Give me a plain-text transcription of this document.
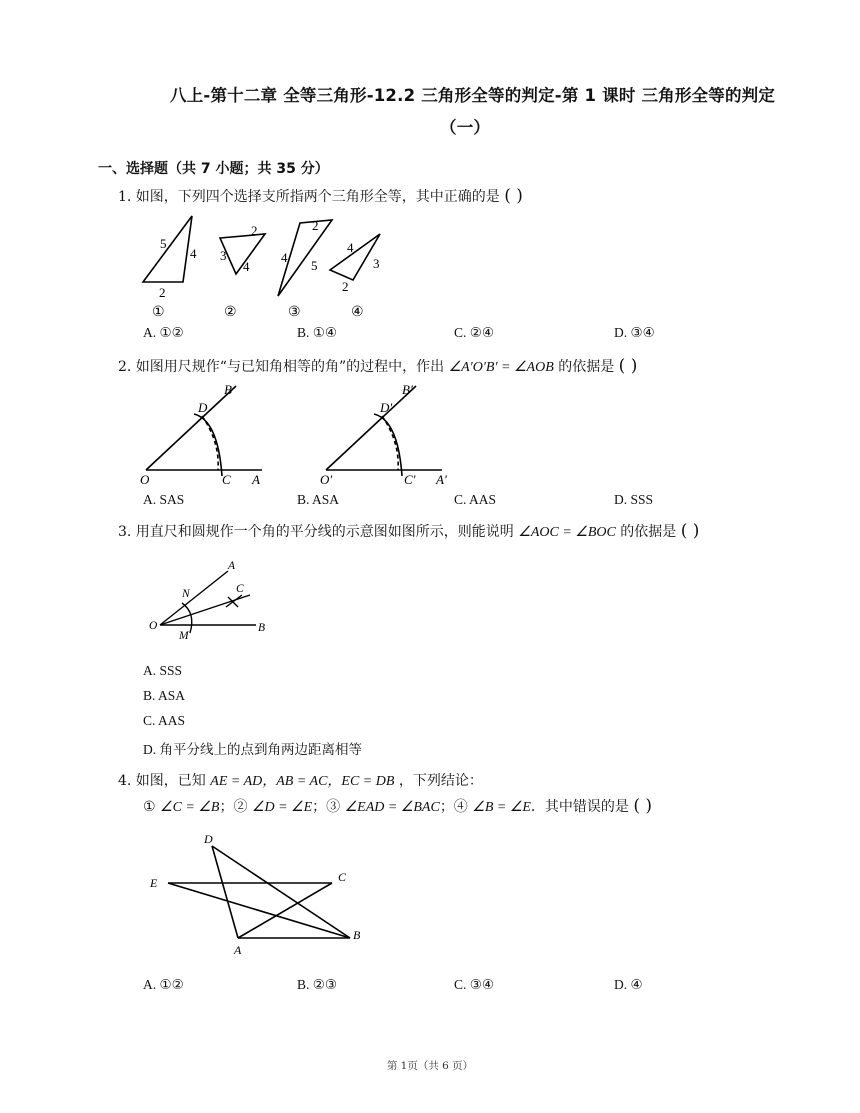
八上-第十二章 全等三角形-12.2 三角形全等的判定-第 1 课时 三角形全等的判定
（一）
一、选择题（共 7 小题；共 35 分）
1. 如图，下列四个选择支所指两个三角形全等，其中正确的是 ( )
5
4
2
2
3
4
2
4
5
4
3
2
①	②	③	④
A. ①②	B. ①④	C. ②④	D. ③④
2. 如图用尺规作“与已知角相等的角”的过程中，作出 ∠A′O′B′ = ∠AOB 的依据是 ( )
B
D
O	C A
B′
D′
O′	C′ A′
A. SAS	B. ASA	C. AAS	D. SSS
3. 用直尺和圆规作一个角的平分线的示意图如图所示，则能说明 ∠AOC = ∠BOC 的依据是 ( )
A
C
N
O
M
B
A. SSS
B. ASA
C. AAS
D. 角平分线上的点到角两边距离相等
4. 如图，已知 AE = AD，AB = AC，EC = DB ，下列结论：
① ∠C = ∠B；② ∠D = ∠E；③ ∠EAD = ∠BAC；④ ∠B = ∠E．其中错误的是 ( )
D
E	C
A
B
A. ①②	B. ②③	C. ③④	D. ④
第 1页（共 6 页）
